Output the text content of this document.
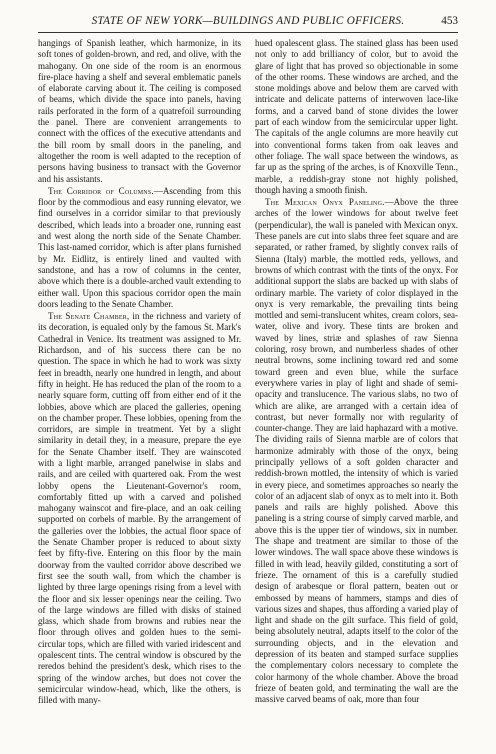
STATE OF NEW YORK—BUILDINGS AND PUBLIC OFFICERS.	453

hangings of Spanish leather, which harmonize, in its soft tones of golden-brown, and red, and olive, with the mahogany. On one side of the room is an enormous fire-place having a shelf and several emblematic panels of elaborate carving about it. The ceiling is composed of beams, which divide the space into panels, having rails perforated in the form of a quatrefoil surrounding the panel. There are convenient arrangements to connect with the offices of the executive attendants and the bill room by small doors in the paneling, and altogether the room is well adapted to the reception of persons having business to transact with the Governor and his assistants.

The Corridor of Columns.—Ascending from this floor by the commodious and easy running elevator, we find ourselves in a corridor similar to that previously described, which leads into a broader one, running east and west along the north side of the Senate Chamber. This last-named corridor, which is after plans furnished by Mr. Eidlitz, is entirely lined and vaulted with sandstone, and has a row of columns in the center, above which there is a double-arched vault extending to either wall. Upon this spacious corridor open the main doors leading to the Senate Chamber.

The Senate Chamber, in the richness and variety of its decoration, is equaled only by the famous St. Mark's Cathedral in Venice. Its treatment was assigned to Mr. Richardson, and of his success there can be no question. The space in which he had to work was sixty feet in breadth, nearly one hundred in length, and about fifty in height. He has reduced the plan of the room to a nearly square form, cutting off from either end of it the lobbies, above which are placed the galleries, opening on the chamber proper. These lobbies, opening from the corridors, are simple in treatment. Yet by a slight similarity in detail they, in a measure, prepare the eye for the Senate Chamber itself. They are wainscoted with a light marble, arranged panelwise in slabs and rails, and are ceiled with quartered oak. From the west lobby opens the Lieutenant-Governor's room, comfortably fitted up with a carved and polished mahogany wainscot and fire-place, and an oak ceiling supported on corbels of marble. By the arrangement of the galleries over the lobbies, the actual floor space of the Senate Chamber proper is reduced to about sixty feet by fifty-five. Entering on this floor by the main doorway from the vaulted corridor above described we first see the south wall, from which the chamber is lighted by three large openings rising from a level with the floor and six lesser openings near the ceiling. Two of the large windows are filled with disks of stained glass, which shade from browns and rubies near the floor through olives and golden hues to the semi-circular tops, which are filled with varied iridescent and opalescent tints. The central window is obscured by the reredos behind the president's desk, which rises to the spring of the window arches, but does not cover the semicircular window-head, which, like the others, is filled with many-

hued opalescent glass. The stained glass has been used not only to add brilliancy of color, but to avoid the glare of light that has proved so objectionable in some of the other rooms. These windows are arched, and the stone moldings above and below them are carved with intricate and delicate patterns of interwoven lace-like forms, and a carved band of stone divides the lower part of each window from the semicircular upper light. The capitals of the angle columns are more heavily cut into conventional forms taken from oak leaves and other foliage. The wall space between the windows, as far up as the spring of the arches, is of Knoxville Tenn., marble, a reddish-gray stone not highly polished, though having a smooth finish.

The Mexican Onyx Paneling.—Above the three arches of the lower windows for about twelve feet (perpendicular), the wall is paneled with Mexican onyx. These panels are cut into slabs three feet square and are separated, or rather framed, by slightly convex rails of Sienna (Italy) marble, the mottled reds, yellows, and browns of which contrast with the tints of the onyx. For additional support the slabs are backed up with slabs of ordinary marble. The variety of color displayed in the onyx is very remarkable, the prevailing tints being mottled and semi-translucent whites, cream colors, sea-water, olive and ivory. These tints are broken and waved by lines, striæ and splashes of raw Sienna coloring, rosy brown, and numberless shades of other neutral browns, some inclining toward red and some toward green and even blue, while the surface everywhere varies in play of light and shade of semi-opacity and translucence. The various slabs, no two of which are alike, are arranged with a certain idea of contrast, but never formally nor with regularity of counter-change. They are laid haphazard with a motive. The dividing rails of Sienna marble are of colors that harmonize admirably with those of the onyx, being principally yellows of a soft golden character and reddish-brown mottled, the intensity of which is varied in every piece, and sometimes approaches so nearly the color of an adjacent slab of onyx as to melt into it. Both panels and rails are highly polished. Above this paneling is a string course of simply carved marble, and above this is the upper tier of windows, six in number. The shape and treatment are similar to those of the lower windows. The wall space above these windows is filled in with lead, heavily gilded, constituting a sort of frieze. The ornament of this is a carefully studied design of arabesque or floral pattern, beaten out or embossed by means of hammers, stamps and dies of various sizes and shapes, thus affording a varied play of light and shade on the gilt surface. This field of gold, being absolutely neutral, adapts itself to the color of the surrounding objects, and in the elevation and depression of its beaten and stamped surface supplies the complementary colors necessary to complete the color harmony of the whole chamber. Above the broad frieze of beaten gold, and terminating the wall are the massive carved beams of oak, more than four
